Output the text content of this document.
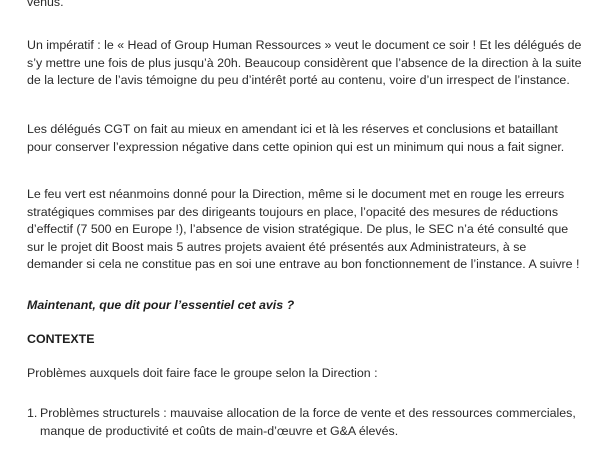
venus.

Un impératif : le « Head of Group Human Ressources » veut le document ce soir ! Et les délégués de s’y mettre une fois de plus jusqu’à 20h. Beaucoup considèrent que l’absence de la direction à la suite de la lecture de l’avis témoigne du peu d’intérêt porté au contenu, voire d’un irrespect de l’instance.

Les délégués CGT on fait au mieux en amendant ici et là les réserves et conclusions et bataillant pour conserver l’expression négative dans cette opinion qui est un minimum qui nous a fait signer.

Le feu vert est néanmoins donné pour la Direction, même si le document met en rouge les erreurs stratégiques commises par des dirigeants toujours en place, l’opacité des mesures de réductions d’effectif (7 500 en Europe !), l’absence de vision stratégique. De plus, le SEC n’a été consulté que sur le projet dit Boost mais 5 autres projets avaient été présentés aux Administrateurs, à se demander si cela ne constitue pas en soi une entrave au bon fonctionnement de l’instance. A suivre !

Maintenant, que dit pour l’essentiel cet avis ?

CONTEXTE

Problèmes auxquels doit faire face le groupe selon la Direction :

1. Problèmes structurels : mauvaise allocation de la force de vente et des ressources commerciales, manque de productivité et coûts de main-d’œuvre et G&A élevés.
